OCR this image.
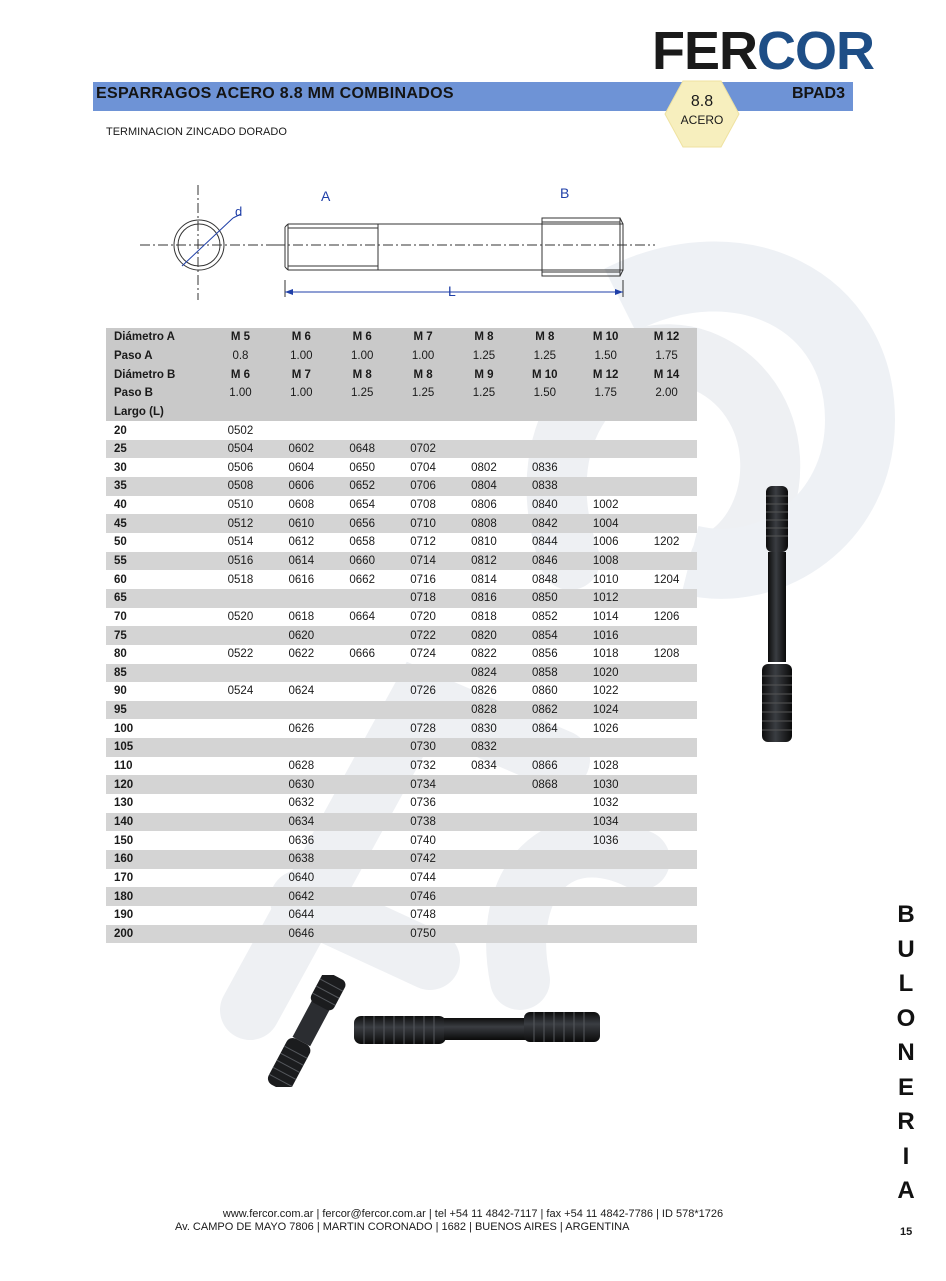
FERCOR
ESPARRAGOS ACERO 8.8 MM COMBINADOS	BPAD3
8.8
ACERO
TERMINACION ZINCADO DORADO
A	B
d
L
Diámetro A	M 5	M 6	M 6	M 7	M 8	M 8	M 10	M 12
Paso A	0.8	1.00	1.00	1.00	1.25	1.25	1.50	1.75
Diámetro B	M 6	M 7	M 8	M 8	M 9	M 10	M 12	M 14
Paso B	1.00	1.00	1.25	1.25	1.25	1.50	1.75	2.00
Largo (L)								
20	0502							
25	0504	0602	0648	0702				
30	0506	0604	0650	0704	0802	0836		
35	0508	0606	0652	0706	0804	0838		
40	0510	0608	0654	0708	0806	0840	1002	
45	0512	0610	0656	0710	0808	0842	1004	
50	0514	0612	0658	0712	0810	0844	1006	1202
55	0516	0614	0660	0714	0812	0846	1008	
60	0518	0616	0662	0716	0814	0848	1010	1204
65				0718	0816	0850	1012	
70	0520	0618	0664	0720	0818	0852	1014	1206
75		0620		0722	0820	0854	1016	
80	0522	0622	0666	0724	0822	0856	1018	1208
85					0824	0858	1020	
90	0524	0624		0726	0826	0860	1022	
95					0828	0862	1024	
100		0626		0728	0830	0864	1026	
105				0730	0832			
110		0628		0732	0834	0866	1028	
120		0630		0734		0868	1030	
130		0632		0736			1032	
140		0634		0738			1034	
150		0636		0740			1036	
160		0638		0742				
170		0640		0744				
180		0642		0746				
190		0644		0748				
200		0646		0750				
B
U
L
O
N
E
R
I
A
www.fercor.com.ar | fercor@fercor.com.ar | tel +54 11 4842-7117 | fax +54 11 4842-7786 | ID 578*1726
Av. CAMPO DE MAYO 7806 | MARTIN CORONADO | 1682 | BUENOS AIRES | ARGENTINA	15
